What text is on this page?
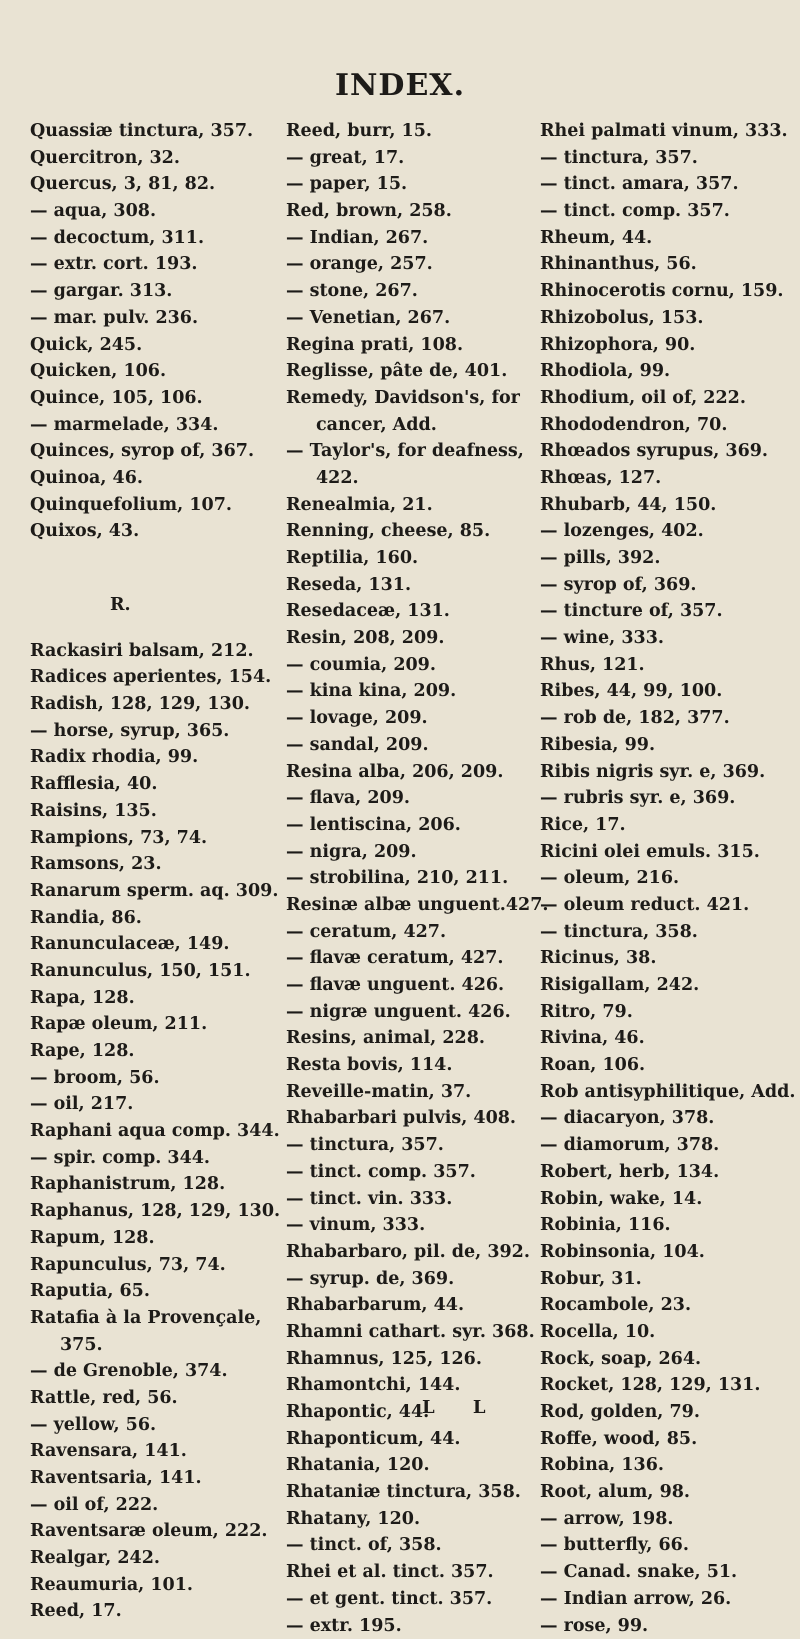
INDEX.
Quassiæ tinctura, 357.
Quercitron, 32.
Quercus, 3, 81, 82.
— aqua, 308.
— decoctum, 311.
— extr. cort. 193.
— gargar. 313.
— mar. pulv. 236.
Quick, 245.
Quicken, 106.
Quince, 105, 106.
— marmelade, 334.
Quinces, syrop of, 367.
Quinoa, 46.
Quinquefolium, 107.
Quixos, 43.
R.
Rackasiri balsam, 212.
Radices aperientes, 154.
Radish, 128, 129, 130.
— horse, syrup, 365.
Radix rhodia, 99.
Rafflesia, 40.
Raisins, 135.
Rampions, 73, 74.
Ramsons, 23.
Ranarum sperm. aq. 309.
Randia, 86.
Ranunculaceæ, 149.
Ranunculus, 150, 151.
Rapa, 128.
Rapæ oleum, 211.
Rape, 128.
— broom, 56.
— oil, 217.
Raphani aqua comp. 344.
— spir. comp. 344.
Raphanistrum, 128.
Raphanus, 128, 129, 130.
Rapum, 128.
Rapunculus, 73, 74.
Raputia, 65.
Ratafia à la Provençale,
375.
— de Grenoble, 374.
Rattle, red, 56.
— yellow, 56.
Ravensara, 141.
Raventsaria, 141.
— oil of, 222.
Raventsaræ oleum, 222.
Realgar, 242.
Reaumuria, 101.
Reed, 17.
Reed, burr, 15.
— great, 17.
— paper, 15.
Red, brown, 258.
— Indian, 267.
— orange, 257.
— stone, 267.
— Venetian, 267.
Regina prati, 108.
Reglisse, pâte de, 401.
Remedy, Davidson's, for
cancer, Add.
— Taylor's, for deafness,
422.
Renealmia, 21.
Renning, cheese, 85.
Reptilia, 160.
Reseda, 131.
Resedaceæ, 131.
Resin, 208, 209.
— coumia, 209.
— kina kina, 209.
— lovage, 209.
— sandal, 209.
Resina alba, 206, 209.
— flava, 209.
— lentiscina, 206.
— nigra, 209.
— strobilina, 210, 211.
Resinæ albæ unguent.427.
— ceratum, 427.
— flavæ ceratum, 427.
— flavæ unguent. 426.
— nigræ unguent. 426.
Resins, animal, 228.
Resta bovis, 114.
Reveille-matin, 37.
Rhabarbari pulvis, 408.
— tinctura, 357.
— tinct. comp. 357.
— tinct. vin. 333.
— vinum, 333.
Rhabarbaro, pil. de, 392.
— syrup. de, 369.
Rhabarbarum, 44.
Rhamni cathart. syr. 368.
Rhamnus, 125, 126.
Rhamontchi, 144.
Rhapontic, 44.
Rhaponticum, 44.
Rhatania, 120.
Rhataniæ tinctura, 358.
Rhatany, 120.
— tinct. of, 358.
Rhei et al. tinct. 357.
— et gent. tinct. 357.
— extr. 195.
Rhei palmati vinum, 333.
— tinctura, 357.
— tinct. amara, 357.
— tinct. comp. 357.
Rheum, 44.
Rhinanthus, 56.
Rhinocerotis cornu, 159.
Rhizobolus, 153.
Rhizophora, 90.
Rhodiola, 99.
Rhodium, oil of, 222.
Rhododendron, 70.
Rhœados syrupus, 369.
Rhœas, 127.
Rhubarb, 44, 150.
— lozenges, 402.
— pills, 392.
— syrop of, 369.
— tincture of, 357.
— wine, 333.
Rhus, 121.
Ribes, 44, 99, 100.
— rob de, 182, 377.
Ribesia, 99.
Ribis nigris syr. e, 369.
— rubris syr. e, 369.
Rice, 17.
Ricini olei emuls. 315.
— oleum, 216.
— oleum reduct. 421.
— tinctura, 358.
Ricinus, 38.
Risigallam, 242.
Ritro, 79.
Rivina, 46.
Roan, 106.
Rob antisyphilitique, Add.
— diacaryon, 378.
— diamorum, 378.
Robert, herb, 134.
Robin, wake, 14.
Robinia, 116.
Robinsonia, 104.
Robur, 31.
Rocambole, 23.
Rocella, 10.
Rock, soap, 264.
Rocket, 128, 129, 131.
Rod, golden, 79.
Roffe, wood, 85.
Robina, 136.
Root, alum, 98.
— arrow, 198.
— butterfly, 66.
— Canad. snake, 51.
— Indian arrow, 26.
— rose, 99.
L L
